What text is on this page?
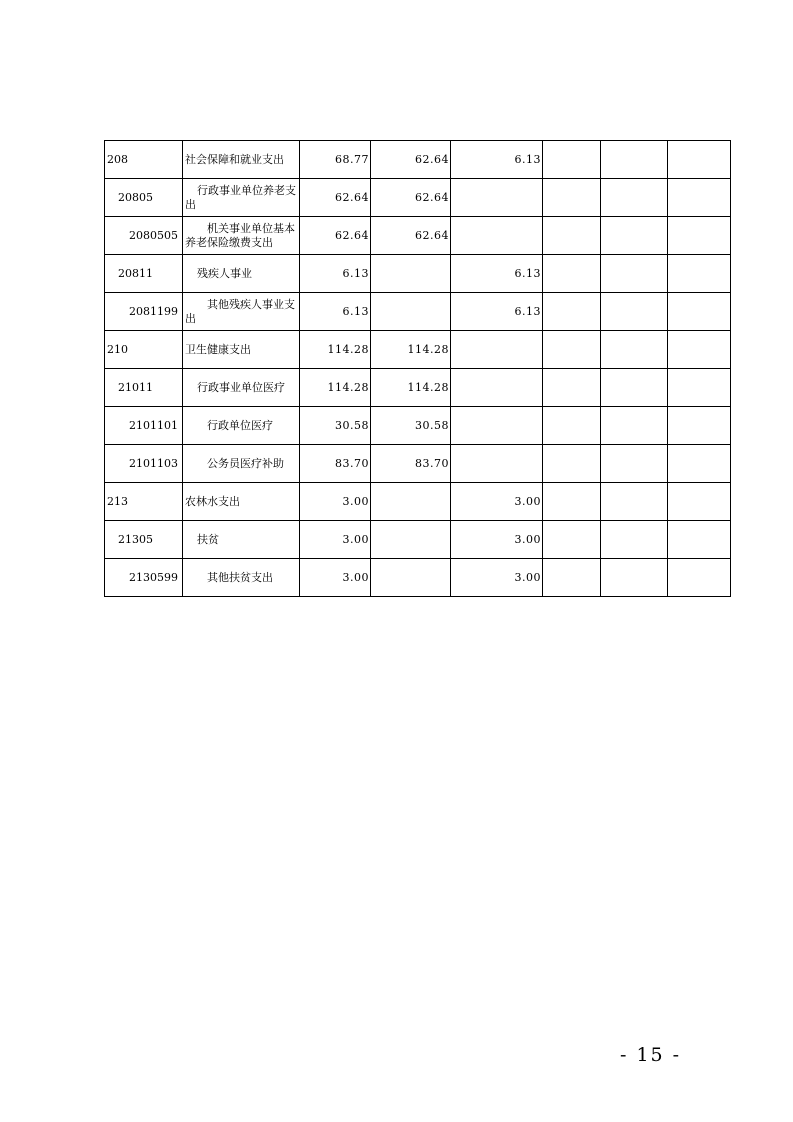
208	社会保障和就业支出	68.77	62.64	6.13			
20805	行政事业单位养老支出	62.64	62.64				
2080505	机关事业单位基本养老保险缴费支出	62.64	62.64				
20811	残疾人事业	6.13		6.13			
2081199	其他残疾人事业支出	6.13		6.13			
210	卫生健康支出	114.28	114.28				
21011	行政事业单位医疗	114.28	114.28				
2101101	行政单位医疗	30.58	30.58				
2101103	公务员医疗补助	83.70	83.70				
213	农林水支出	3.00		3.00			
21305	扶贫	3.00		3.00			
2130599	其他扶贫支出	3.00		3.00			
- 15 -
